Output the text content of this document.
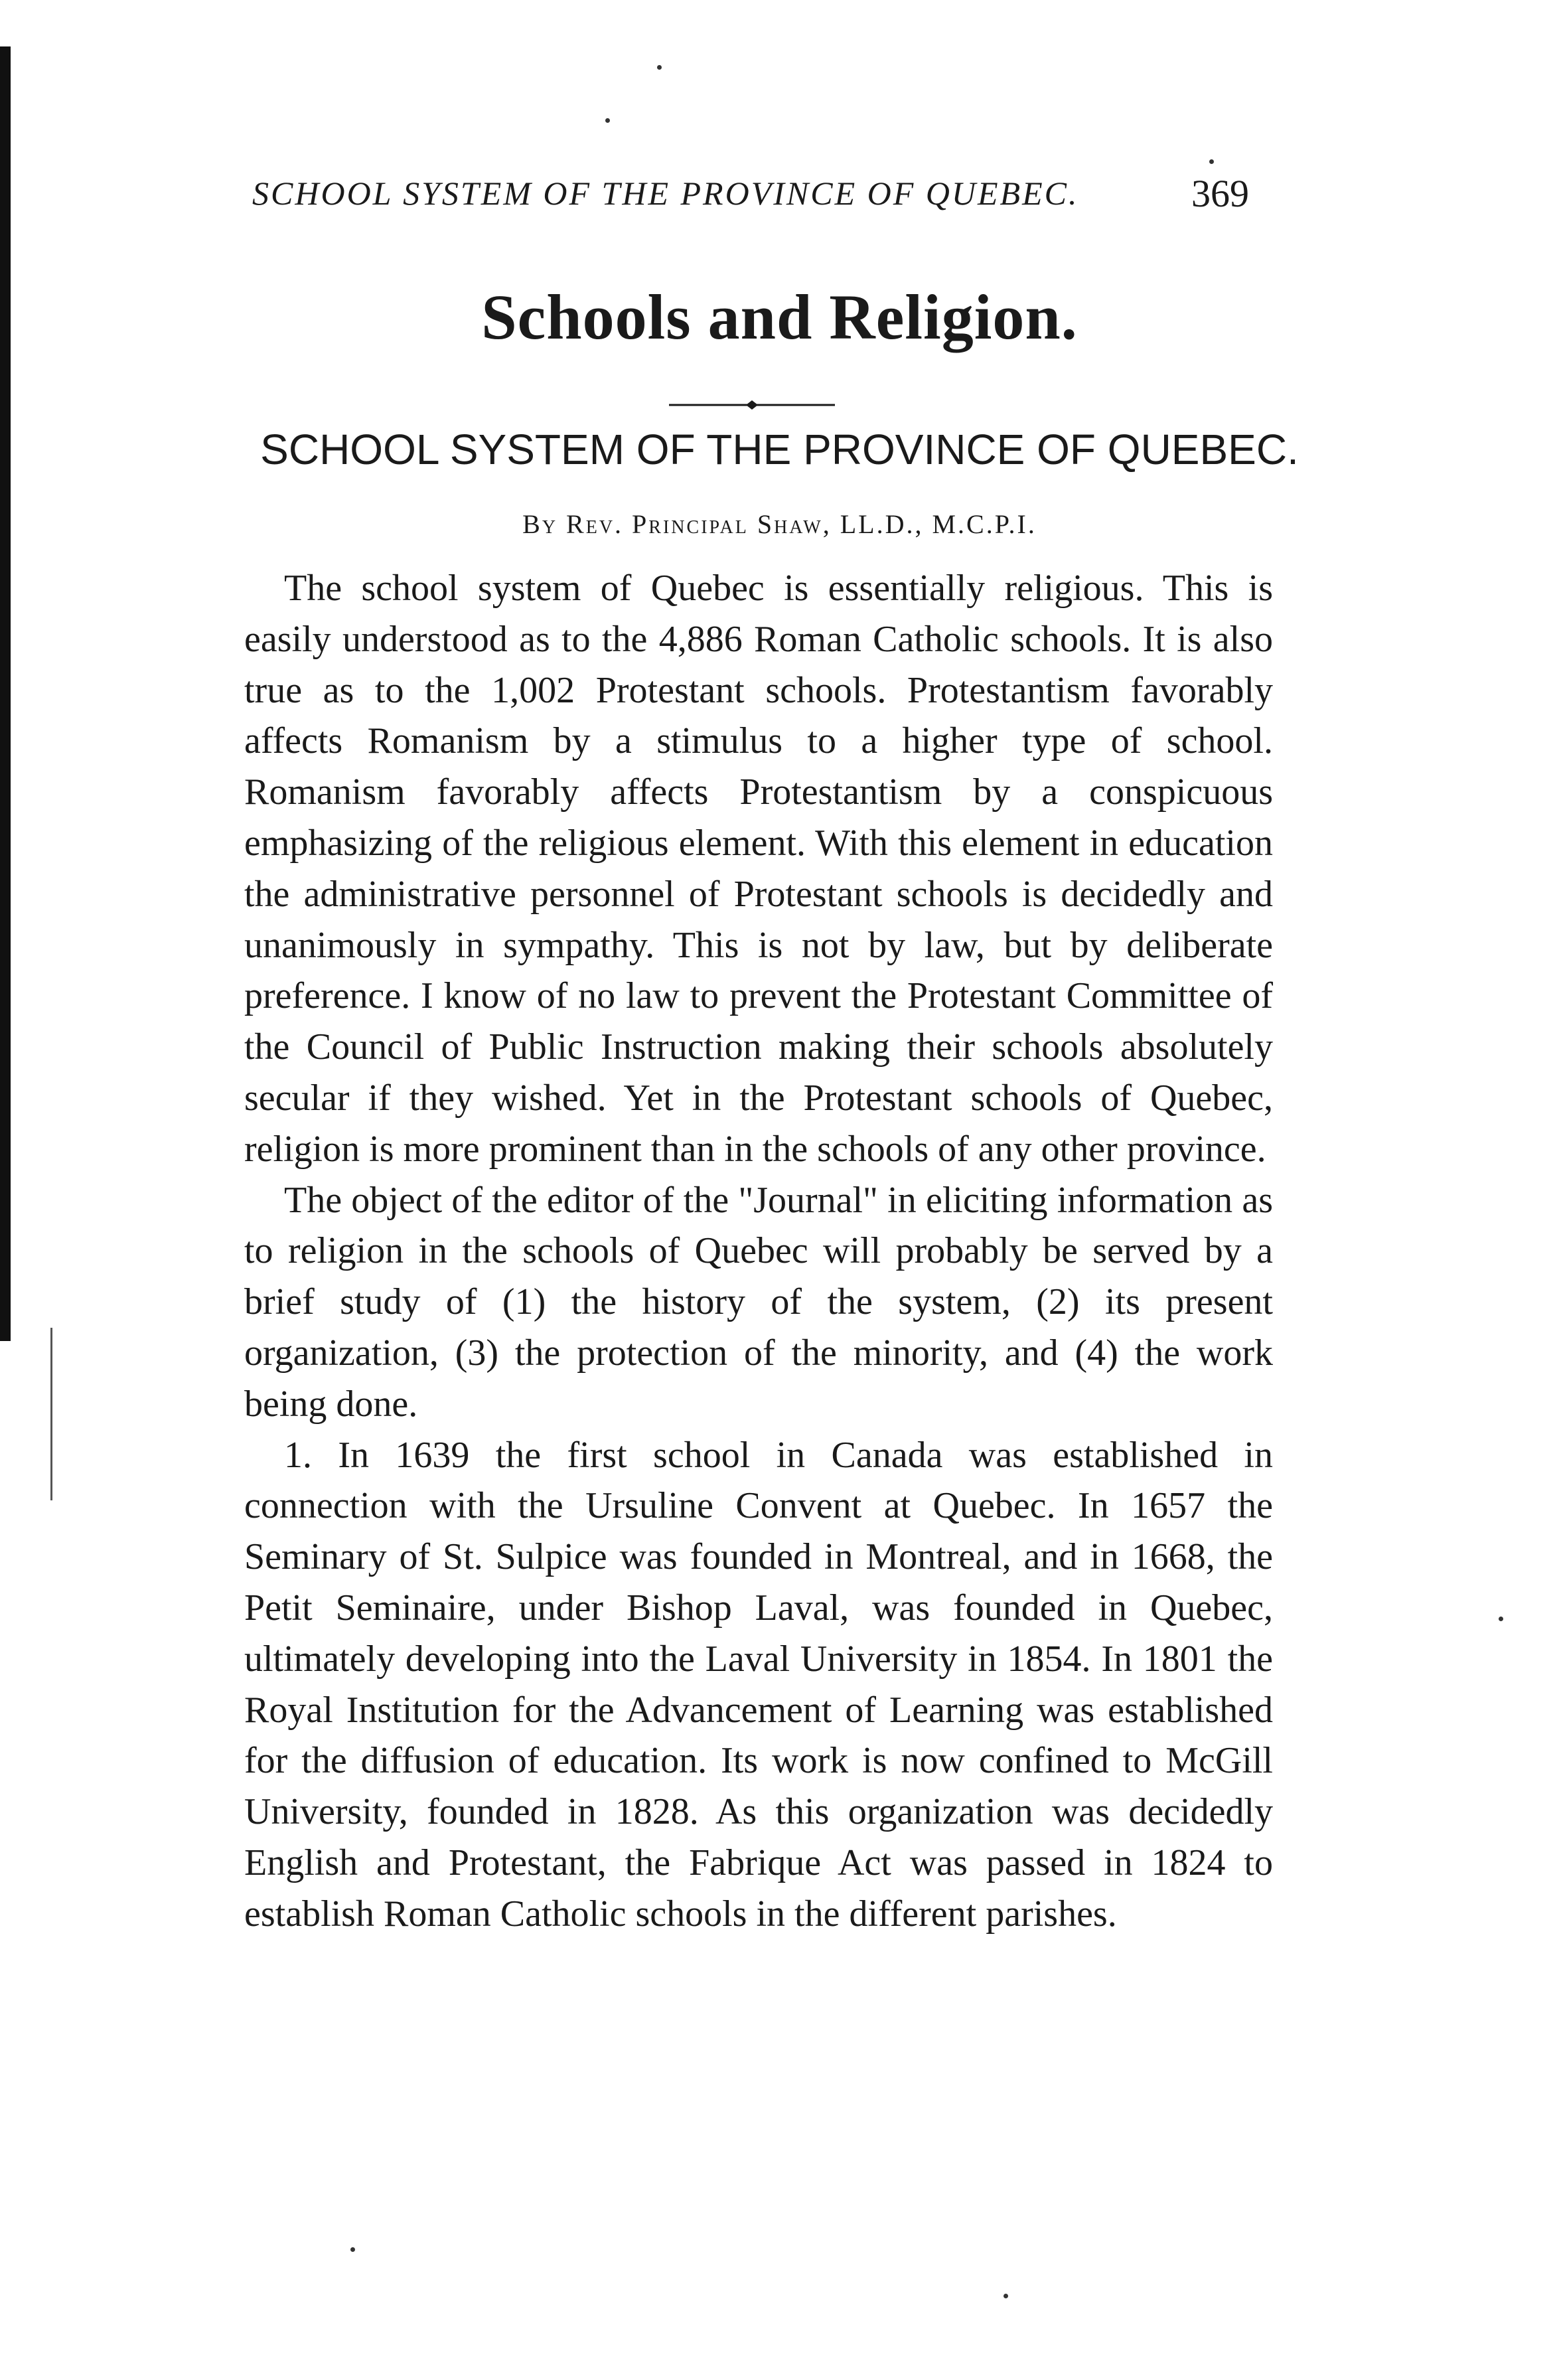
SCHOOL SYSTEM OF THE PROVINCE OF QUEBEC.	369
Schools and Religion.
SCHOOL SYSTEM OF THE PROVINCE OF QUEBEC.
By Rev. Principal Shaw, LL.D., M.C.P.I.

The school system of Quebec is essentially religious. This is easily understood as to the 4,886 Roman Catholic schools. It is also true as to the 1,002 Protestant schools. Protestantism favorably affects Romanism by a stimulus to a higher type of school. Romanism favorably affects Protestantism by a conspicuous emphasizing of the religious element. With this element in education the administrative personnel of Protestant schools is decidedly and unanimously in sympathy. This is not by law, but by deliberate preference. I know of no law to prevent the Protestant Committee of the Council of Public Instruction making their schools absolutely secular if they wished. Yet in the Protestant schools of Quebec, religion is more prominent than in the schools of any other province.

The object of the editor of the "Journal" in eliciting information as to religion in the schools of Quebec will probably be served by a brief study of (1) the history of the system, (2) its present organization, (3) the protection of the minority, and (4) the work being done.

1. In 1639 the first school in Canada was established in connection with the Ursuline Convent at Quebec. In 1657 the Seminary of St. Sulpice was founded in Montreal, and in 1668, the Petit Seminaire, under Bishop Laval, was founded in Quebec, ultimately developing into the Laval University in 1854. In 1801 the Royal Institution for the Advancement of Learning was established for the diffusion of education. Its work is now confined to McGill University, founded in 1828. As this organization was decidedly English and Protestant, the Fabrique Act was passed in 1824 to establish Roman Catholic schools in the different parishes.
